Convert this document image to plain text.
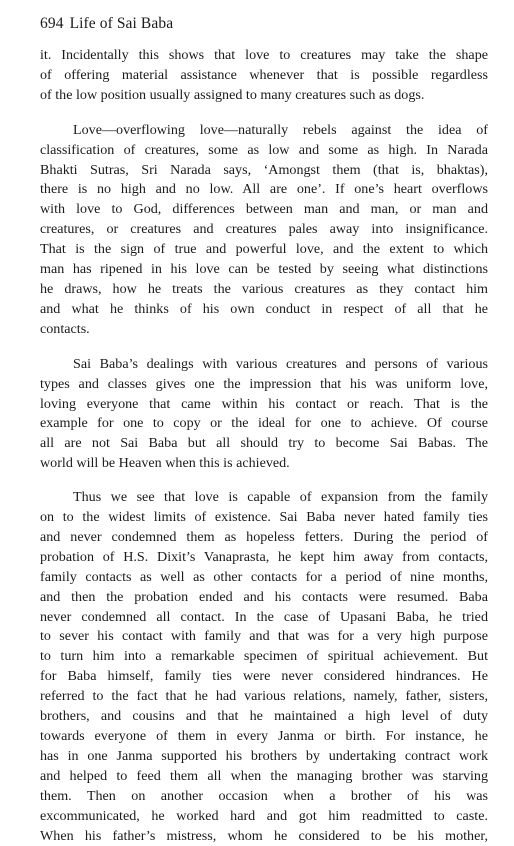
694 Life of Sai Baba
it. Incidentally this shows that love to creatures may take the shape
of offering material assistance whenever that is possible regardless
of the low position usually assigned to many creatures such as dogs.
Love—overflowing love—naturally rebels against the idea of
classification of creatures, some as low and some as high. In Narada
Bhakti Sutras, Sri Narada says, ‘Amongst them (that is, bhaktas),
there is no high and no low. All are one’. If one’s heart overflows
with love to God, differences between man and man, or man and
creatures, or creatures and creatures pales away into insignificance.
That is the sign of true and powerful love, and the extent to which
man has ripened in his love can be tested by seeing what distinctions
he draws, how he treats the various creatures as they contact him
and what he thinks of his own conduct in respect of all that he
contacts.
Sai Baba’s dealings with various creatures and persons of various
types and classes gives one the impression that his was uniform love,
loving everyone that came within his contact or reach. That is the
example for one to copy or the ideal for one to achieve. Of course
all are not Sai Baba but all should try to become Sai Babas. The
world will be Heaven when this is achieved.
Thus we see that love is capable of expansion from the family
on to the widest limits of existence. Sai Baba never hated family ties
and never condemned them as hopeless fetters. During the period of
probation of H.S. Dixit’s Vanaprasta, he kept him away from contacts,
family contacts as well as other contacts for a period of nine months,
and then the probation ended and his contacts were resumed. Baba
never condemned all contact. In the case of Upasani Baba, he tried
to sever his contact with family and that was for a very high purpose
to turn him into a remarkable specimen of spiritual achievement. But
for Baba himself, family ties were never considered hindrances. He
referred to the fact that he had various relations, namely, father, sisters,
brothers, and cousins and that he maintained a high level of duty
towards everyone of them in every Janma or birth. For instance, he
has in one Janma supported his brothers by undertaking contract work
and helped to feed them all when the managing brother was starving
them. Then on another occasion when a brother of his was
excommunicated, he worked hard and got him readmitted to caste.
When his father’s mistress, whom he considered to be his mother,
